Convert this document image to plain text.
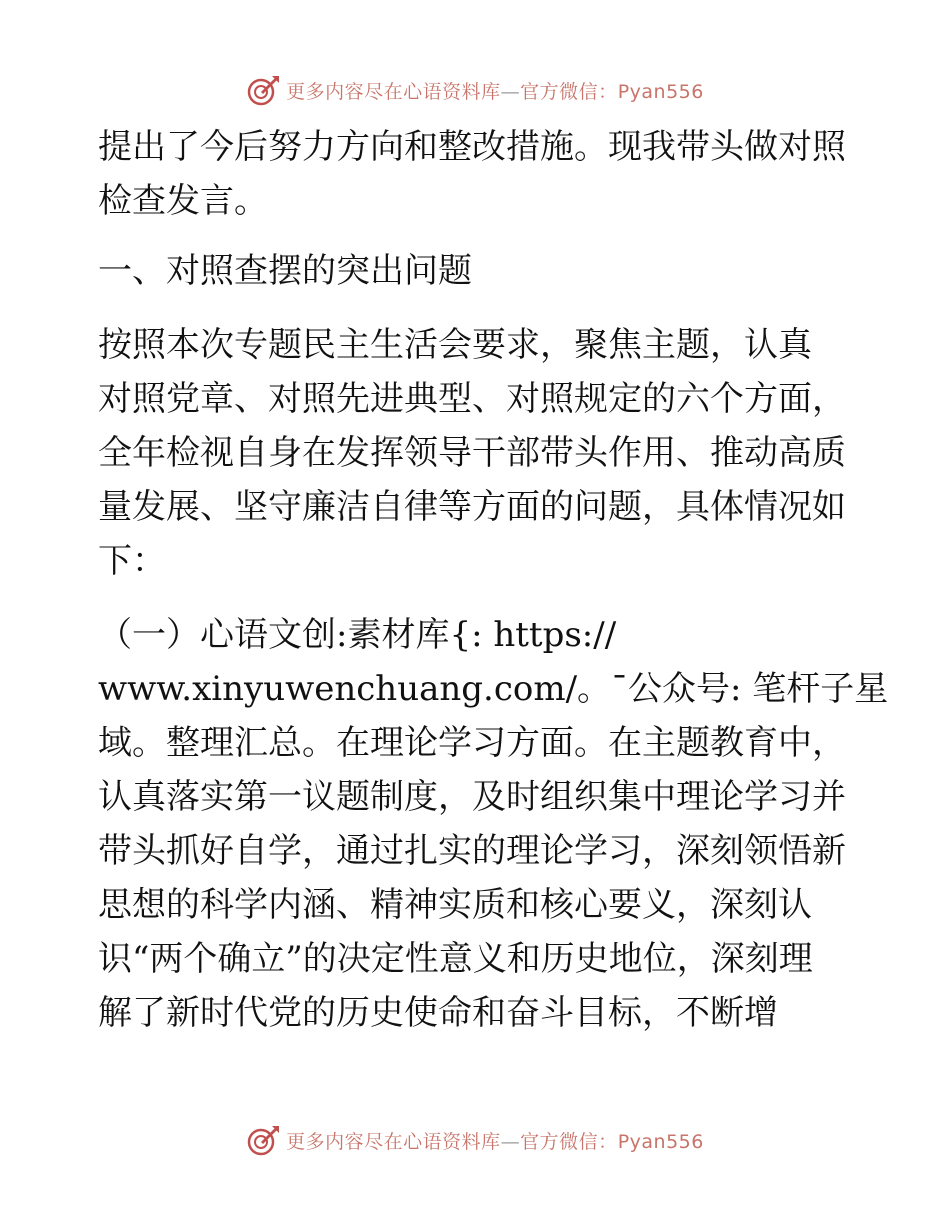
更多内容尽在心语资料库—官方微信：Pyan556
提出了今后努力方向和整改措施。现我带头做对照
检查发言。
一、对照查摆的突出问题
按照本次专题民主生活会要求，聚焦主题，认真
对照党章、对照先进典型、对照规定的六个方面，
全年检视自身在发挥领导干部带头作用、推动高质
量发展、坚守廉洁自律等方面的问题，具体情况如
下：
（一）心语文创:素材库{: https://
www.xinyuwenchuang.com/。¯公众号: 笔杆子星
域。整理汇总。在理论学习方面。在主题教育中，
认真落实第一议题制度，及时组织集中理论学习并
带头抓好自学，通过扎实的理论学习，深刻领悟新
思想的科学内涵、精神实质和核心要义，深刻认
识“两个确立”的决定性意义和历史地位，深刻理
解了新时代党的历史使命和奋斗目标，不断增
更多内容尽在心语资料库—官方微信：Pyan556
